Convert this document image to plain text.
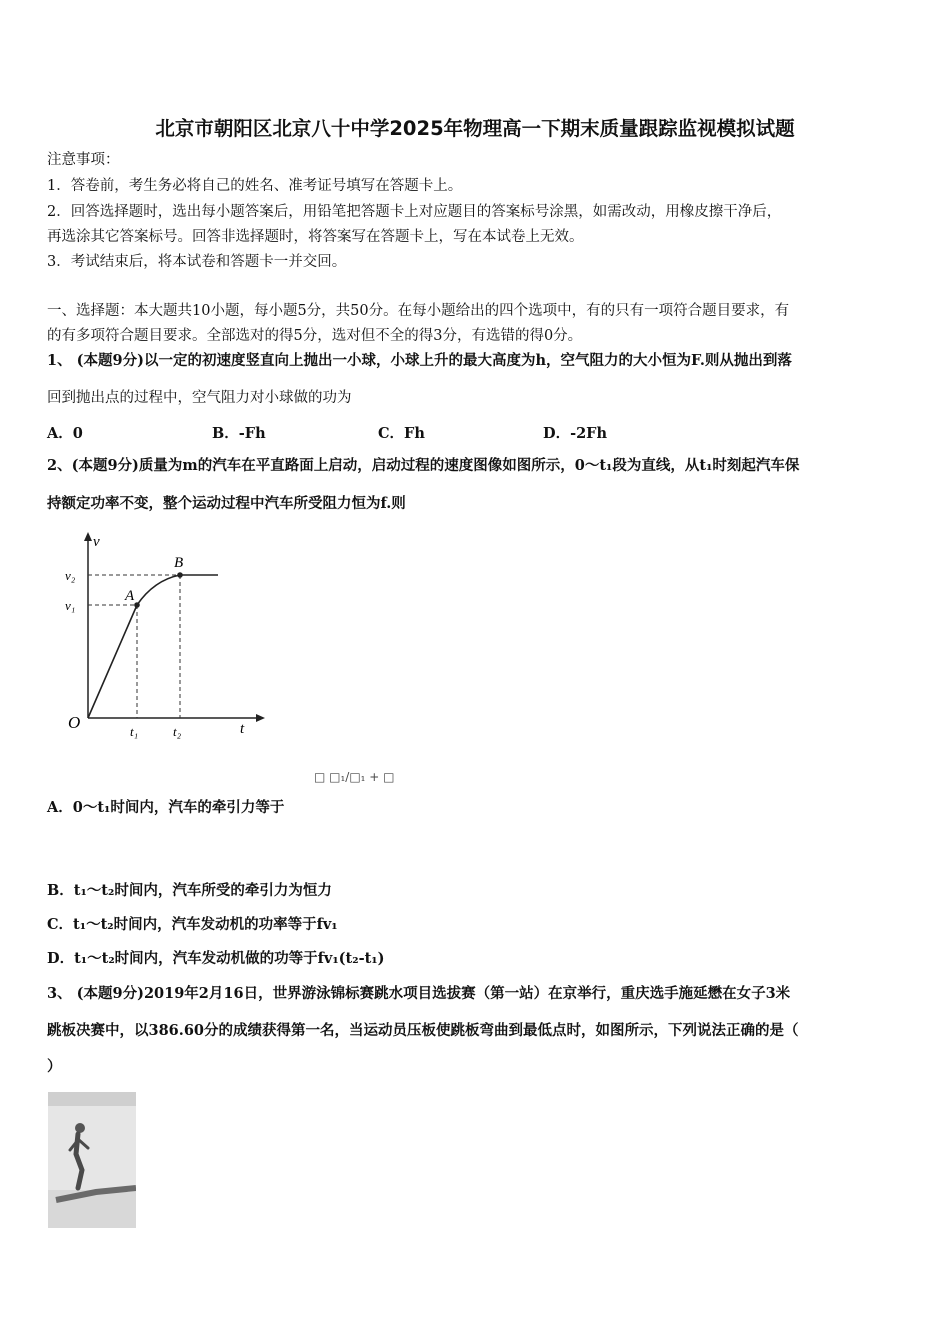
北京市朝阳区北京八十中学2025年物理高一下期末质量跟踪监视模拟试题
注意事项：
1．答卷前，考生务必将自己的姓名、准考证号填写在答题卡上。
2．回答选择题时，选出每小题答案后，用铅笔把答题卡上对应题目的答案标号涂黑，如需改动，用橡皮擦干净后，
再选涂其它答案标号。回答非选择题时，将答案写在答题卡上，写在本试卷上无效。
3．考试结束后，将本试卷和答题卡一并交回。
一、选择题：本大题共10小题，每小题5分，共50分。在每小题给出的四个选项中，有的只有一项符合题目要求，有
的有多项符合题目要求。全部选对的得5分，选对但不全的得3分，有选错的得0分。
1、 (本题9分)以一定的初速度竖直向上抛出一小球，小球上升的最大高度为h，空气阻力的大小恒为F.则从抛出到落
回到抛出点的过程中，空气阻力对小球做的功为
A．0	B．-Fh	C．Fh	D．-2Fh
2、(本题9分)质量为m的汽车在平直路面上启动，启动过程的速度图像如图所示，0～t₁段为直线，从t₁时刻起汽车保
持额定功率不变，整个运动过程中汽车所受阻力恒为f.则
v
t
O
v₂
v₁
t₁	t₂
A
B
□ □₁/□₁ + □
A．0～t₁时间内，汽车的牵引力等于
B．t₁～t₂时间内，汽车所受的牵引力为恒力
C．t₁～t₂时间内，汽车发动机的功率等于fv₁
D．t₁～t₂时间内，汽车发动机做的功等于fv₁(t₂-t₁)
3、 (本题9分)2019年2月16日，世界游泳锦标赛跳水项目选拔赛（第一站）在京举行，重庆选手施延懋在女子3米
跳板决赛中，以386.60分的成绩获得第一名，当运动员压板使跳板弯曲到最低点时，如图所示，下列说法正确的是（
）
